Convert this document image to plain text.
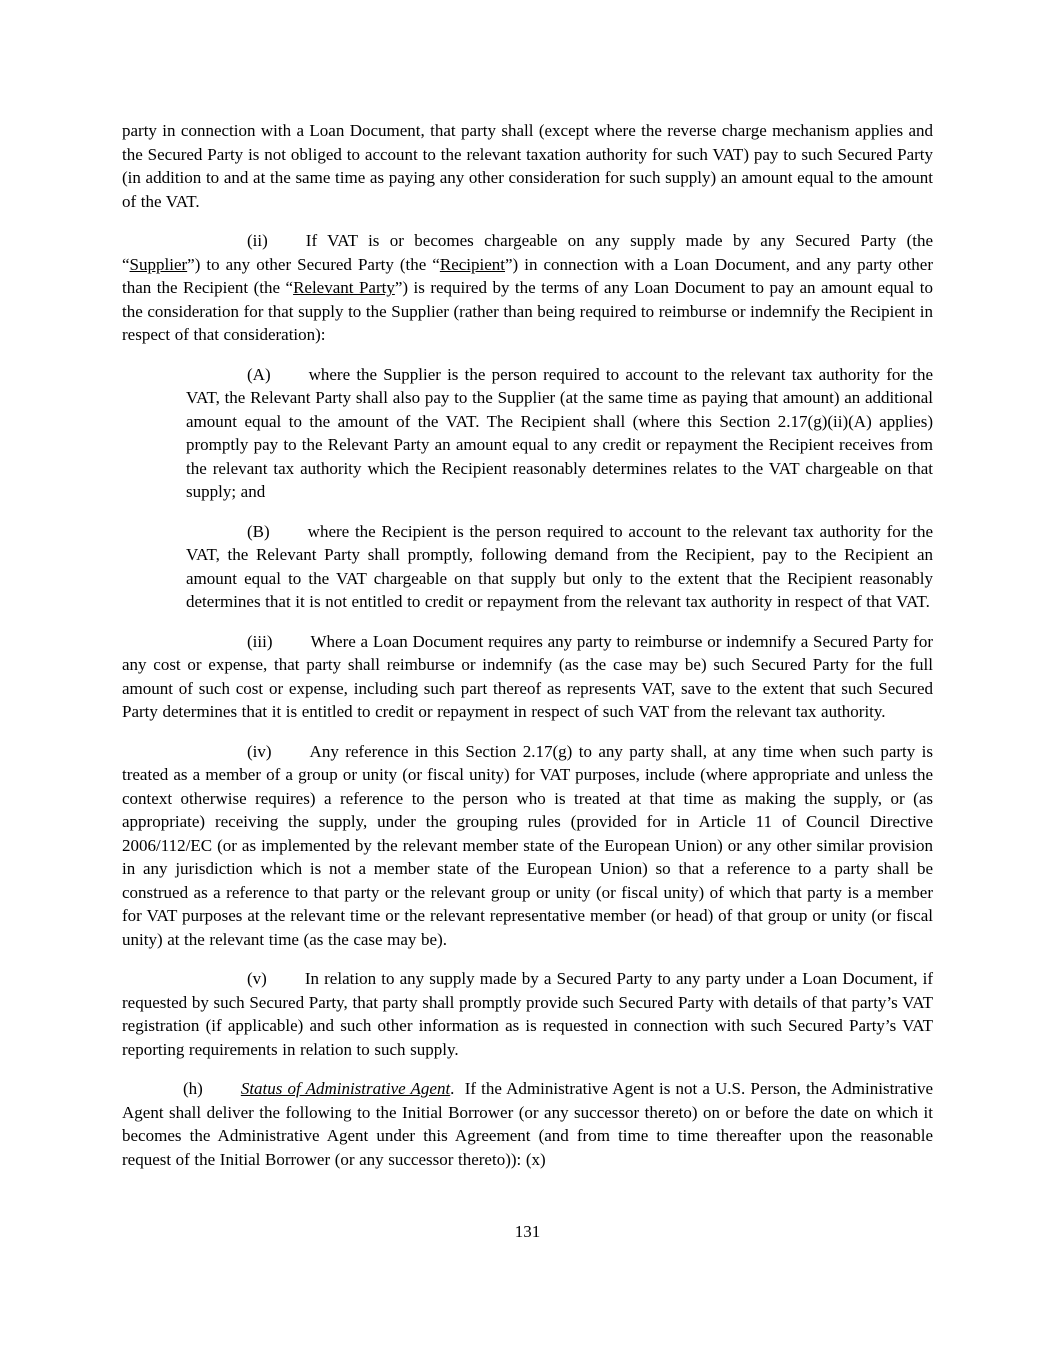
party in connection with a Loan Document, that party shall (except where the reverse charge mechanism applies and the Secured Party is not obliged to account to the relevant taxation authority for such VAT) pay to such Secured Party (in addition to and at the same time as paying any other consideration for such supply) an amount equal to the amount of the VAT.

(ii) If VAT is or becomes chargeable on any supply made by any Secured Party (the “Supplier”) to any other Secured Party (the “Recipient”) in connection with a Loan Document, and any party other than the Recipient (the “Relevant Party”) is required by the terms of any Loan Document to pay an amount equal to the consideration for that supply to the Supplier (rather than being required to reimburse or indemnify the Recipient in respect of that consideration):

(A) where the Supplier is the person required to account to the relevant tax authority for the VAT, the Relevant Party shall also pay to the Supplier (at the same time as paying that amount) an additional amount equal to the amount of the VAT. The Recipient shall (where this Section 2.17(g)(ii)(A) applies) promptly pay to the Relevant Party an amount equal to any credit or repayment the Recipient receives from the relevant tax authority which the Recipient reasonably determines relates to the VAT chargeable on that supply; and

(B) where the Recipient is the person required to account to the relevant tax authority for the VAT, the Relevant Party shall promptly, following demand from the Recipient, pay to the Recipient an amount equal to the VAT chargeable on that supply but only to the extent that the Recipient reasonably determines that it is not entitled to credit or repayment from the relevant tax authority in respect of that VAT.

(iii) Where a Loan Document requires any party to reimburse or indemnify a Secured Party for any cost or expense, that party shall reimburse or indemnify (as the case may be) such Secured Party for the full amount of such cost or expense, including such part thereof as represents VAT, save to the extent that such Secured Party determines that it is entitled to credit or repayment in respect of such VAT from the relevant tax authority.

(iv) Any reference in this Section 2.17(g) to any party shall, at any time when such party is treated as a member of a group or unity (or fiscal unity) for VAT purposes, include (where appropriate and unless the context otherwise requires) a reference to the person who is treated at that time as making the supply, or (as appropriate) receiving the supply, under the grouping rules (provided for in Article 11 of Council Directive 2006/112/EC (or as implemented by the relevant member state of the European Union) or any other similar provision in any jurisdiction which is not a member state of the European Union) so that a reference to a party shall be construed as a reference to that party or the relevant group or unity (or fiscal unity) of which that party is a member for VAT purposes at the relevant time or the relevant representative member (or head) of that group or unity (or fiscal unity) at the relevant time (as the case may be).

(v) In relation to any supply made by a Secured Party to any party under a Loan Document, if requested by such Secured Party, that party shall promptly provide such Secured Party with details of that party’s VAT registration (if applicable) and such other information as is requested in connection with such Secured Party’s VAT reporting requirements in relation to such supply.

(h) Status of Administrative Agent.  If the Administrative Agent is not a U.S. Person, the Administrative Agent shall deliver the following to the Initial Borrower (or any successor thereto) on or before the date on which it becomes the Administrative Agent under this Agreement (and from time to time thereafter upon the reasonable request of the Initial Borrower (or any successor thereto)): (x)

131
